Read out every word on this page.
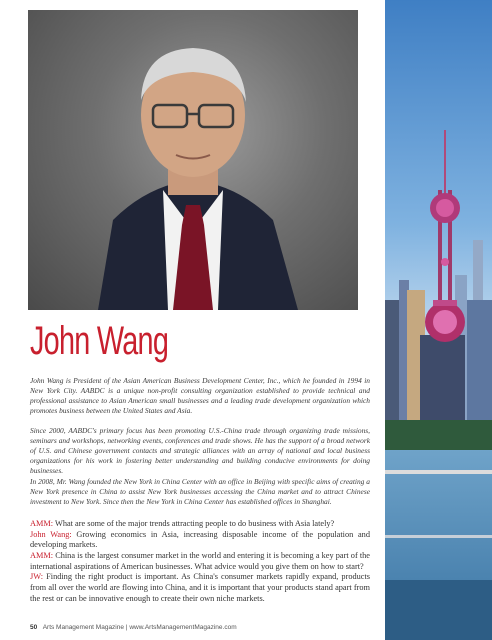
John Wang

John Wang is President of the Asian American Business Development Center, Inc., which he founded in 1994 in New York City. AABDC is a unique non-profit consulting organization established to provide technical and professional assistance to Asian American small businesses and a leading trade development organization which promotes business between the United States and Asia.

Since 2000, AABDC's primary focus has been promoting U.S.-China trade through organizing trade missions, seminars and workshops, networking events, conferences and trade shows. He has the support of a broad network of U.S. and Chinese government contacts and strategic alliances with an array of national and local business organizations for his work in fostering better understanding and building conducive environments for doing businesses.

In 2008, Mr. Wang founded the New York in China Center with an office in Beijing with specific aims of creating a New York presence in China to assist New York businesses accessing the China market and to attract Chinese investment to New York. Since then the New York in China Center has established offices in Shanghai.

AMM: What are some of the major trends attracting people to do business with Asia lately?
John Wang: Growing economics in Asia, increasing disposable income of the population and developing markets.
AMM: China is the largest consumer market in the world and entering it is becoming a key part of the international aspirations of American businesses. What advice would you give them on how to start?
JW: Finding the right product is important. As China's consumer markets rapidly expand, products from all over the world are flowing into China, and it is important that your products stand apart from the rest or can be innovative enough to create their own niche markets.
50 Arts Management Magazine | www.ArtsManagementMagazine.com
